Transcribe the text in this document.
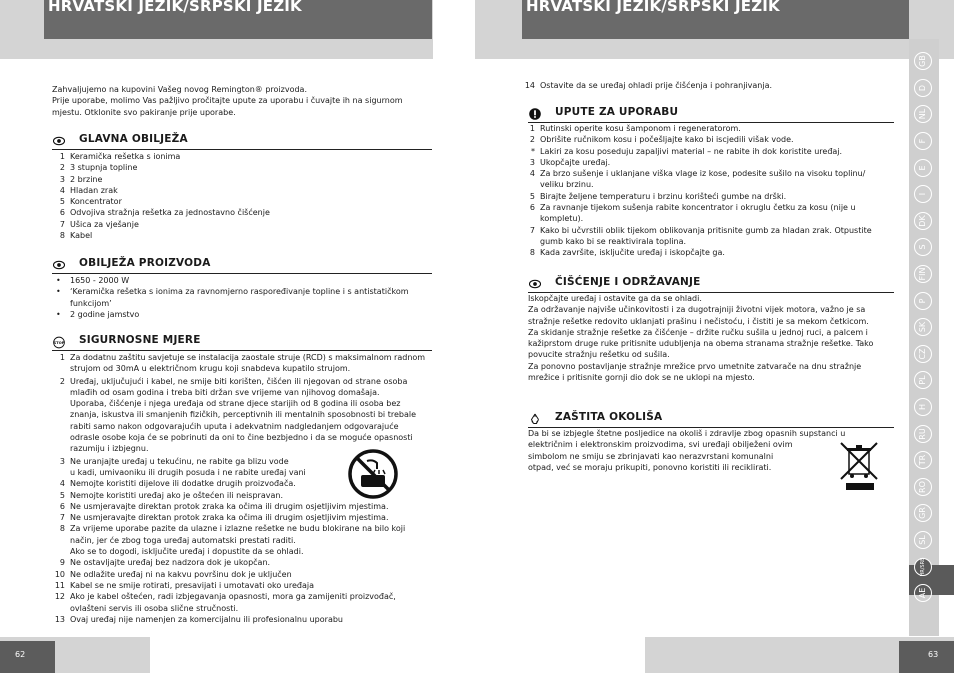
HRVATSKI JEZIK/SRPSKI JEZIK

Zahvaljujemo na kupovini Vašeg novog Remington® proizvoda.

Prije uporabe, molimo Vas pažljivo pročitajte upute za uporabu i čuvajte ih na sigurnom

mjestu. Otklonite svo pakiranje prije uporabe.

GLAVNA OBILJEŽA
1 Keramička rešetka s ionima
2 3 stupnja topline
3 2 brzine
4 Hladan zrak
5 Koncentrator
6 Odvojiva stražnja rešetka za jednostavno čišćenje
7 Ušica za vješanje
8 Kabel
OBILJEŽA PROIZVODA
• 1650 - 2000 W
• ‘Keramička rešetka s ionima za ravnomjerno raspoređivanje topline i s antistatičkom
funkcijom’
• 2 godine jamstvo
STOP SIGURNOSNE MJERE
1 Za dodatnu zaštitu savjetuje se instalacija zaostale struje (RCD) s maksimalnom radnom
strujom od 30mA u električnom krugu koji snabdeva kupatilo strujom.
2 Uređaj, uključujući i kabel, ne smije biti korišten, čišćen ili njegovan od strane osoba
mlađih od osam godina i treba biti držan sve vrijeme van njihovog domašaja.
Uporaba, čišćenje i njega uređaja od strane djece starijih od 8 godina ili osoba bez
znanja, iskustva ili smanjenih fizičkih, perceptivnih ili mentalnih sposobnosti bi trebale
rabiti samo nakon odgovarajućih uputa i adekvatnim nadgledanjem odgovarajuće
odrasle osobe koja će se pobrinuti da oni to čine bezbjedno i da se moguće opasnosti
razumiju i izbjegnu.
3 Ne uranjajte uređaj u tekućinu, ne rabite ga blizu vode
u kadi, umivaoniku ili drugih posuda i ne rabite uređaj vani
4 Nemojte koristiti dijelove ili dodatke drugih proizvođača.
5 Nemojte koristiti uređaj ako je oštećen ili neispravan.
6 Ne usmjeravajte direktan protok zraka ka očima ili drugim osjetljivim mjestima.
7 Ne usmjeravajte direktan protok zraka ka očima ili drugim osjetljivim mjestima.
8 Za vrijeme uporabe pazite da ulazne i izlazne rešetke ne budu blokirane na bilo koji
način, jer će zbog toga uređaj automatski prestati raditi.
Ako se to dogodi, isključite uređaj i dopustite da se ohladi.
9 Ne ostavljajte uređaj bez nadzora dok je ukopčan.
10 Ne odlažite uređaj ni na kakvu površinu dok je uključen
11 Kabel se ne smije rotirati, presavijati i umotavati oko uređaja
12 Ako je kabel oštećen, radi izbjegavanja opasnosti, mora ga zamijeniti proizvođač,
ovlašteni servis ili osoba slične stručnosti.
13 Ovaj uređaj nije namenjen za komercijalnu ili profesionalnu uporabu
62
HRVATSKI JEZIK/SRPSKI JEZIK
14 Ostavite da se uređaj ohladi prije čišćenja i pohranjivanja.
UPUTE ZA UPORABU
1 Rutinski operite kosu šamponom i regeneratorom.
2 Obrišite ručnikom kosu i počešljajte kako bi iscjedili višak vode.
* Lakiri za kosu poseduju zapaljivi material – ne rabite ih dok koristite uređaj.
3 Ukopčajte uređaj.
4 Za brzo sušenje i uklanjane viška vlage iz kose, podesite sušilo na visoku toplinu/
veliku brzinu.
5 Birajte željene temperaturu i brzinu korišteći gumbe na drški.
6 Za ravnanje tijekom sušenja rabite koncentrator i okruglu četku za kosu (nije u
kompletu).
7 Kako bi učvrstili oblik tijekom oblikovanja pritisnite gumb za hladan zrak. Otpustite
gumb kako bi se reaktivirala toplina.
8 Kada završite, isključite uređaj i iskopčajte ga.
ČIŠĆENJE I ODRŽAVANJE

Iskopčajte uređaj i ostavite ga da se ohladi.

Za održavanje najviše učinkovitosti i za dugotrajniji životni vijek motora, važno je sa

stražnje rešetke redovito uklanjati prašinu i nečistoću, i čistiti je sa mekom četkicom.

Za skidanje stražnje rešetke za čišćenje – držite ručku sušila u jednoj ruci, a palcem i

kažiprstom druge ruke pritisnite udubljenja na obema stranama stražnje rešetke. Tako

povucite stražnju rešetku od sušila.

Za ponovno postavljanje stražnje mrežice prvo umetnite zatvarače na dnu stražnje

mrežice i pritisnite gornji dio dok se ne uklopi na mjesto.

ZAŠTITA OKOLIŠA

Da bi se izbjegle štetne posljedice na okoliš i zdravlje zbog opasnih supstanci u

električnim i elektronskim proizvodima, svi uređaji obilježeni ovim

simbolom ne smiju se zbrinjavati kao nerazvrstani komunalni

otpad, već se moraju prikupiti, ponovno koristiti ili reciklirati.

GB
D
NL
F
E
I
DK
S
FIN
P
SK
CZ
PL
H
RU
TR
RO
GR
SL
HR/SRB
AE
63
